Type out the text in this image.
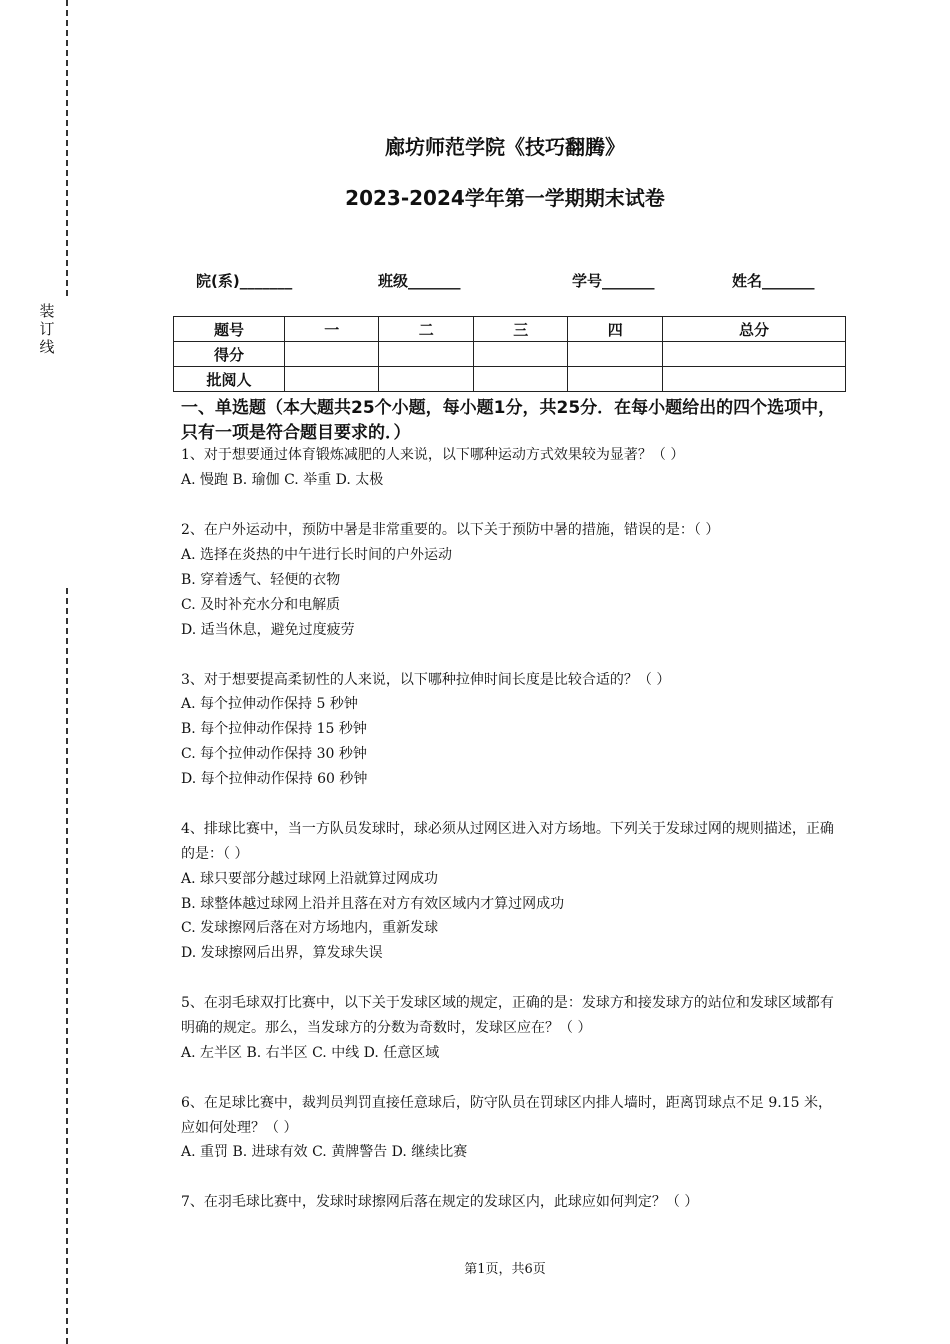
装
订
线
廊坊师范学院《技巧翻腾》
2023-2024学年第一学期期末试卷
院(系)_______	班级_______	学号_______	姓名_______
题号	一	二	三	四	总分
得分					
批阅人					
一、单选题（本大题共25个小题，每小题1分，共25分．在每小题给出的四个选项中，只有一项是符合题目要求的．）
1、对于想要通过体育锻炼减肥的人来说，以下哪种运动方式效果较为显著？（ ）
A. 慢跑 B. 瑜伽 C. 举重 D. 太极
2、在户外运动中，预防中暑是非常重要的。以下关于预防中暑的措施，错误的是：（ ）
A. 选择在炎热的中午进行长时间的户外运动
B. 穿着透气、轻便的衣物
C. 及时补充水分和电解质
D. 适当休息，避免过度疲劳
3、对于想要提高柔韧性的人来说，以下哪种拉伸时间长度是比较合适的？（ ）
A. 每个拉伸动作保持 5 秒钟
B. 每个拉伸动作保持 15 秒钟
C. 每个拉伸动作保持 30 秒钟
D. 每个拉伸动作保持 60 秒钟
4、排球比赛中，当一方队员发球时，球必须从过网区进入对方场地。下列关于发球过网的规则描述，正确的是：（ ）
A. 球只要部分越过球网上沿就算过网成功
B. 球整体越过球网上沿并且落在对方有效区域内才算过网成功
C. 发球擦网后落在对方场地内，重新发球
D. 发球擦网后出界，算发球失误
5、在羽毛球双打比赛中，以下关于发球区域的规定，正确的是：发球方和接发球方的站位和发球区域都有明确的规定。那么，当发球方的分数为奇数时，发球区应在？（ ）
A. 左半区 B. 右半区 C. 中线 D. 任意区域
6、在足球比赛中，裁判员判罚直接任意球后，防守队员在罚球区内排人墙时，距离罚球点不足 9.15 米，应如何处理？（ ）
A. 重罚 B. 进球有效 C. 黄牌警告 D. 继续比赛
7、在羽毛球比赛中，发球时球擦网后落在规定的发球区内，此球应如何判定？（ ）
第1页，共6页
